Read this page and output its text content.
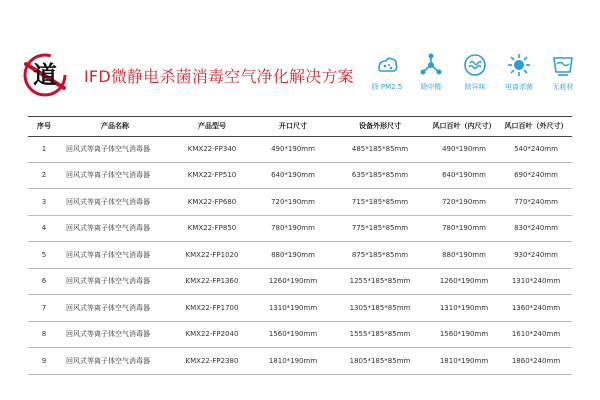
道 IFD微静电杀菌消毒空气净化解决方案
除 PM2.5	除甲醛	除异味	电离杀菌	无耗材
序号	产品名称	产品型号	开口尺寸	设备外形尺寸	风口百叶（内尺寸）	风口百叶（外尺寸）
1	回风式等离子体空气消毒器	KMX22-FP340	490*190mm	485*185*85mm	490*190mm	540*240mm
2	回风式等离子体空气消毒器	KMX22-FP510	640*190mm	635*185*85mm	640*190mm	690*240mm
3	回风式等离子体空气消毒器	KMX22-FP680	720*190mm	715*185*85mm	720*190mm	770*240mm
4	回风式等离子体空气消毒器	KMX22-FP850	780*190mm	775*185*85mm	780*190mm	830*240mm
5	回风式等离子体空气消毒器	KMX22-FP1020	880*190mm	875*185*85mm	880*190mm	930*240mm
6	回风式等离子体空气消毒器	KMX22-FP1360	1260*190mm	1255*185*85mm	1260*190mm	1310*240mm
7	回风式等离子体空气消毒器	KMX22-FP1700	1310*190mm	1305*185*85mm	1310*190mm	1360*240mm
8	回风式等离子体空气消毒器	KMX22-FP2040	1560*190mm	1555*185*85mm	1560*190mm	1610*240mm
9	回风式等离子体空气消毒器	KMX22-FP2380	1810*190mm	1805*185*85mm	1810*190mm	1860*240mm
